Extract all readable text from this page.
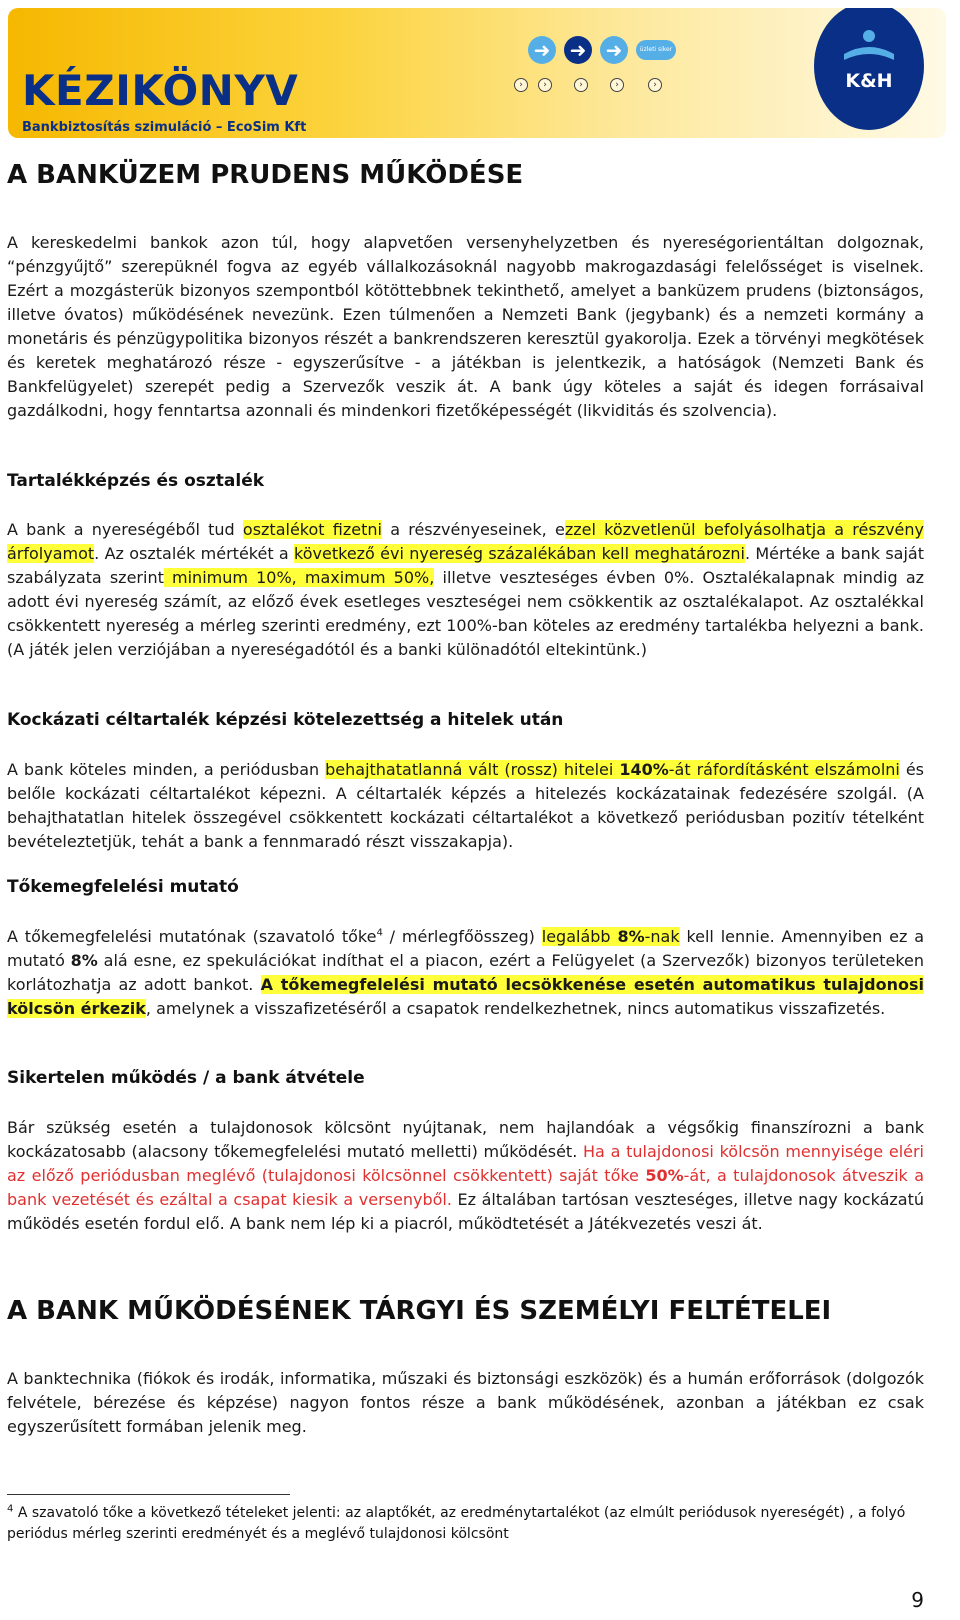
KÉZIKÖNYV
Bankbiztosítás szimuláció – EcoSim Kft
➜ ➜ ➜	üzleti siker
›	›	›	›	›	K&H
A BANKÜZEM PRUDENS MŰKÖDÉSE

A kereskedelmi bankok azon túl, hogy alapvetően versenyhelyzetben és nyereségorientáltan dolgoznak, “pénzgyűjtő” szerepüknél fogva az egyéb vállalkozásoknál nagyobb makrogazdasági felelősséget is viselnek. Ezért a mozgásterük bizonyos szempontból kötöttebbnek tekinthető, amelyet a banküzem prudens (biztonságos, illetve óvatos) működésének nevezünk. Ezen túlmenően a Nemzeti Bank (jegybank) és a nemzeti kormány a monetáris és pénzügypolitika bizonyos részét a bankrendszeren keresztül gyakorolja. Ezek a törvényi megkötések és keretek meghatározó része - egyszerűsítve - a játékban is jelentkezik, a hatóságok (Nemzeti Bank és Bankfelügyelet) szerepét pedig a Szervezők veszik át. A bank úgy köteles a saját és idegen forrásaival gazdálkodni, hogy fenntartsa azonnali és mindenkori fizetőképességét (likviditás és szolvencia).

Tartalékképzés és osztalék

A bank a nyereségéből tud osztalékot fizetni a részvényeseinek, ezzel közvetlenül befolyásolhatja a részvény árfolyamot. Az osztalék mértékét a következő évi nyereség százalékában kell meghatározni. Mértéke a bank saját szabályzata szerint minimum 10%, maximum 50%, illetve veszteséges évben 0%. Osztalékalapnak mindig az adott évi nyereség számít, az előző évek esetleges veszteségei nem csökkentik az osztalékalapot. Az osztalékkal csökkentett nyereség a mérleg szerinti eredmény, ezt 100%-ban köteles az eredmény tartalékba helyezni a bank. (A játék jelen verziójában a nyereségadótól és a banki különadótól eltekintünk.)

Kockázati céltartalék képzési kötelezettség a hitelek után

A bank köteles minden, a periódusban behajthatatlanná vált (rossz) hitelei 140%-át ráfordításként elszámolni és belőle kockázati céltartalékot képezni. A céltartalék képzés a hitelezés kockázatainak fedezésére szolgál. (A behajthatatlan hitelek összegével csökkentett kockázati céltartalékot a következő periódusban pozitív tételként bevételeztetjük, tehát a bank a fennmaradó részt visszakapja).

Tőkemegfelelési mutató

A tőkemegfelelési mutatónak (szavatoló tőke$^4$ / mérlegfőösszeg) legalább 8%-nak kell lennie. Amennyiben ez a mutató 8% alá esne, ez spekulációkat indíthat el a piacon, ezért a Felügyelet (a Szervezők) bizonyos területeken korlátozhatja az adott bankot. A tőkemegfelelési mutató lecsökkenése esetén automatikus tulajdonosi kölcsön érkezik, amelynek a visszafizetéséről a csapatok rendelkezhetnek, nincs automatikus visszafizetés.

Sikertelen működés / a bank átvétele

Bár szükség esetén a tulajdonosok kölcsönt nyújtanak, nem hajlandóak a végsőkig finanszírozni a bank kockázatosabb (alacsony tőkemegfelelési mutató melletti) működését. Ha a tulajdonosi kölcsön mennyisége eléri az előző periódusban meglévő (tulajdonosi kölcsönnel csökkentett) saját tőke 50%-át, a tulajdonosok átveszik a bank vezetését és ezáltal a csapat kiesik a versenyből. Ez általában tartósan veszteséges, illetve nagy kockázatú működés esetén fordul elő. A bank nem lép ki a piacról, működtetését a Játékvezetés veszi át.

A BANK MŰKÖDÉSÉNEK TÁRGYI ÉS SZEMÉLYI FELTÉTELEI

A banktechnika (fiókok és irodák, informatika, műszaki és biztonsági eszközök) és a humán erőforrások (dolgozók felvétele, bérezése és képzése) nagyon fontos része a bank működésének, azonban a játékban ez csak egyszerűsített formában jelenik meg.

$^4$ A szavatoló tőke a következő tételeket jelenti: az alaptőkét, az eredménytartalékot (az elmúlt periódusok nyereségét) , a folyó periódus mérleg szerinti eredményét és a meglévő tulajdonosi kölcsönt
9
